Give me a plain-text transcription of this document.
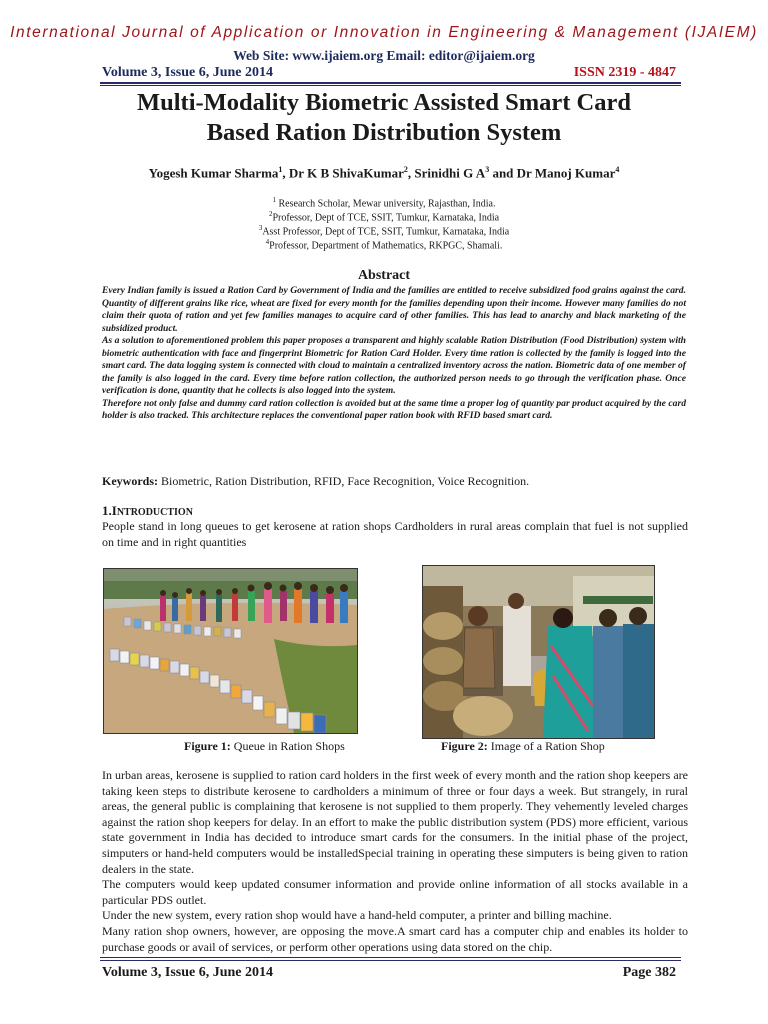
International Journal of Application or Innovation in Engineering & Management (IJAIEM)
Web Site: www.ijaiem.org Email: editor@ijaiem.org
Volume 3, Issue 6, June 2014	ISSN 2319 - 4847
Multi-Modality Biometric Assisted Smart Card
Based Ration Distribution System
Yogesh Kumar Sharma$^1$, Dr K B ShivaKumar$^2$, Srinidhi G $A^3$ and Dr Manoj Kumar$^4$
$^1$ Research Scholar, Mewar university, Rajasthan, India.
$^2$Professor, Dept of TCE, SSIT, Tumkur, Karnataka, India
$^3$Asst Professor, Dept of TCE, SSIT, Tumkur, Karnataka, India
$^4$Professor, Department of Mathematics, RKPGC, Shamali.
Abstract

Every Indian family is issued a Ration Card by Government of India and the families are entitled to receive subsidized food grains against the card. Quantity of different grains like rice, wheat are fixed for every month for the families depending upon their income. However many families do not claim their quota of ration and yet few families manages to acquire card of other families. This has lead to anarchy and black marketing of the subsidized product.

As a solution to aforementioned problem this paper proposes a transparent and highly scalable Ration Distribution (Food Distribution) system with biometric authentication with face and fingerprint Biometric for Ration Card Holder. Every time ration is collected by the family is logged into the smart card. The data logging system is connected with cloud to maintain a centralized inventory across the nation. Biometric data of one member of the family is also logged in the card. Every time before ration collection, the authorized person needs to go through the verification phase. Once verification is done, quantity that he collects is also logged into the system.

Therefore not only false and dummy card ration collection is avoided but at the same time a proper log of quantity par product acquired by the card holder is also tracked. This architecture replaces the conventional paper ration book with RFID based smart card.

Keywords: Biometric, Ration Distribution, RFID, Face Recognition, Voice Recognition.
1.INTRODUCTION

People stand in long queues to get kerosene at ration shops Cardholders in rural areas complain that fuel is not supplied on time and in right quantities

Figure 1: Queue in Ration Shops	Figure 2: Image of a Ration Shop

In urban areas, kerosene is supplied to ration card holders in the first week of every month and the ration shop keepers are taking keen steps to distribute kerosene to cardholders a minimum of three or four days a week. But strangely, in rural areas, the general public is complaining that kerosene is not supplied to them properly. They vehemently leveled charges against the ration shop keepers for delay. In an effort to make the public distribution system (PDS) more efficient, various state government in India has decided to introduce smart cards for the consumers. In the initial phase of the project, simputers or hand-held computers would be installedSpecial training in operating these simputers is being given to ration dealers in the state.

The computers would keep updated consumer information and provide online information of all stocks available in a particular PDS outlet.

Under the new system, every ration shop would have a hand-held computer, a printer and billing machine.

Many ration shop owners, however, are opposing the move.A smart card has a computer chip and enables its holder to purchase goods or avail of services, or perform other operations using data stored on the chip.

Volume 3, Issue 6, June 2014	Page 382
